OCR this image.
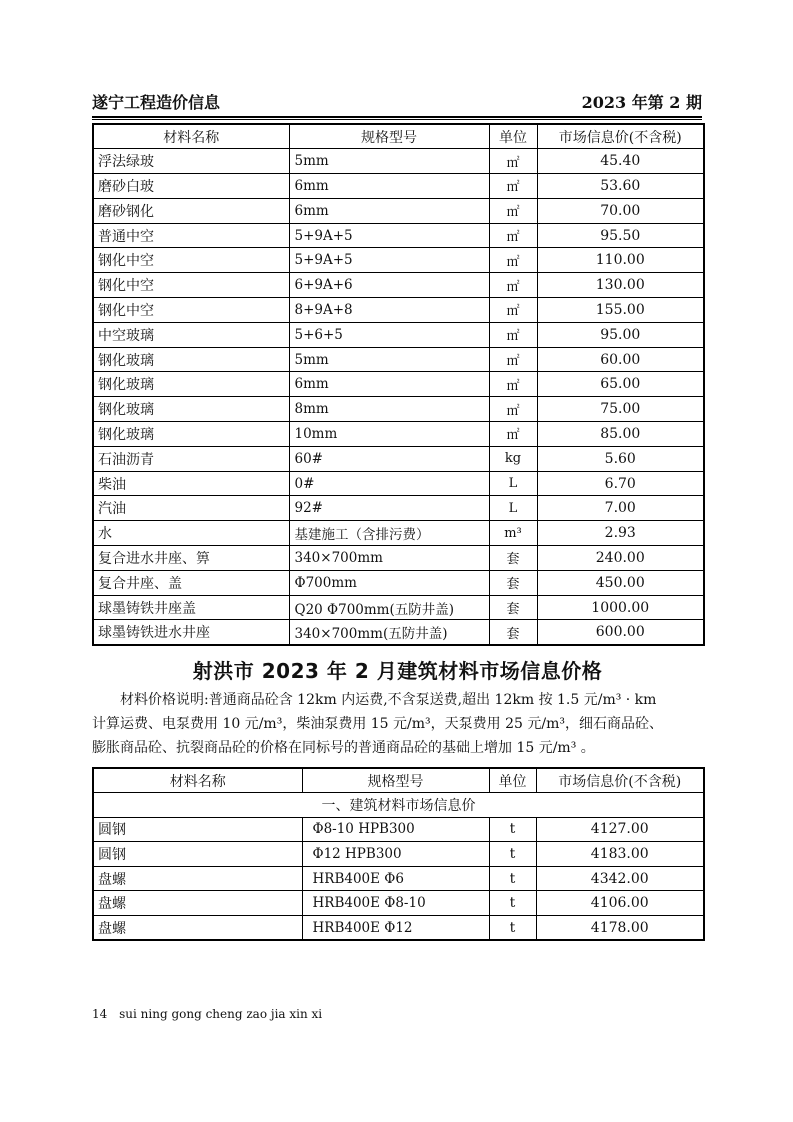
遂宁工程造价信息	2023 年第 2 期
材料名称	规格型号	单位	市场信息价(不含税)
浮法绿玻	5mm	㎡	45.40
磨砂白玻	6mm	㎡	53.60
磨砂钢化	6mm	㎡	70.00
普通中空	5+9A+5	㎡	95.50
钢化中空	5+9A+5	㎡	110.00
钢化中空	6+9A+6	㎡	130.00
钢化中空	8+9A+8	㎡	155.00
中空玻璃	5+6+5	㎡	95.00
钢化玻璃	5mm	㎡	60.00
钢化玻璃	6mm	㎡	65.00
钢化玻璃	8mm	㎡	75.00
钢化玻璃	10mm	㎡	85.00
石油沥青	60#	kg	5.60
柴油	0#	L	6.70
汽油	92#	L	7.00
水	基建施工（含排污费）	m³	2.93
复合进水井座、箅	340×700mm	套	240.00
复合井座、盖	Φ700mm	套	450.00
球墨铸铁井座盖	Q20 Φ700mm(五防井盖)	套	1000.00
球墨铸铁进水井座	340×700mm(五防井盖)	套	600.00
射洪市 2023 年 2 月建筑材料市场信息价格

材料价格说明:普通商品砼含 12km 内运费,不含泵送费,超出 12km 按 1.5 元/m³ · km

计算运费、电泵费用 10 元/m³，柴油泵费用 15 元/m³，天泵费用 25 元/m³，细石商品砼、

膨胀商品砼、抗裂商品砼的价格在同标号的普通商品砼的基础上增加 15 元/m³ 。

材料名称	规格型号	单位	市场信息价(不含税)
一、建筑材料市场信息价			
圆钢	Φ8-10 HPB300	t	4127.00
圆钢	Φ12 HPB300	t	4183.00
盘螺	HRB400E Φ6	t	4342.00
盘螺	HRB400E Φ8-10	t	4106.00
盘螺	HRB400E Φ12	t	4178.00
14 sui ning gong cheng zao jia xin xi
